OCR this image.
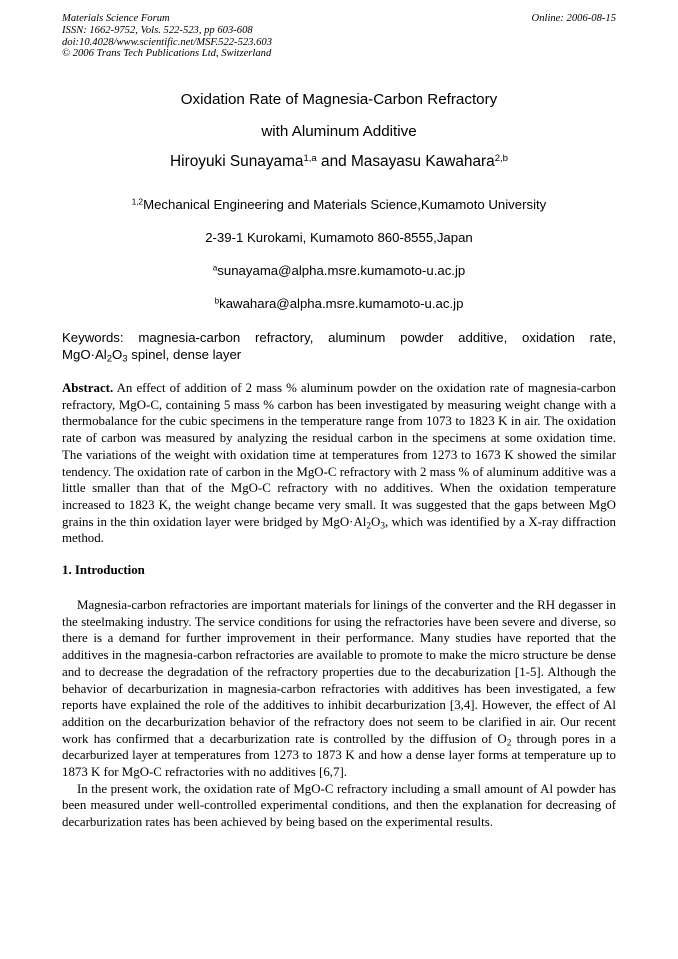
Materials Science Forum
ISSN: 1662-9752, Vols. 522-523, pp 603-608
doi:10.4028/www.scientific.net/MSF.522-523.603
© 2006 Trans Tech Publications Ltd, Switzerland
Online: 2006-08-15
Oxidation Rate of Magnesia-Carbon Refractory
with Aluminum Additive
Hiroyuki Sunayama$^{1,a}$ and Masayasu Kawahara$^{2,b}$
$^{1,2}$Mechanical Engineering and Materials Science,Kumamoto University
2-39-1 Kurokami, Kumamoto 860-8555,Japan
$^a$sunayama@alpha.msre.kumamoto-u.ac.jp
$^b$kawahara@alpha.msre.kumamoto-u.ac.jp
Keywords: magnesia-carbon refractory, aluminum powder additive, oxidation rate,
$MgO\cdot Al_2O_3$ spinel, dense layer
Abstract. An effect of addition of 2 mass % aluminum powder on the oxidation rate of magnesia-carbon refractory, MgO-C, containing 5 mass % carbon has been investigated by measuring weight change with a thermobalance for the cubic specimens in the temperature range from 1073 to 1823 K in air. The oxidation rate of carbon was measured by analyzing the residual carbon in the specimens at some oxidation time. The variations of the weight with oxidation time at temperatures from 1273 to 1673 K showed the similar tendency. The oxidation rate of carbon in the MgO-C refractory with 2 mass % of aluminum additive was a little smaller than that of the MgO-C refractory with no additives. When the oxidation temperature increased to 1823 K, the weight change became very small. It was suggested that the gaps between MgO grains in the thin oxidation layer were bridged by $MgO\cdot Al_2O_3$, which was identified by a X-ray diffraction method.
1. Introduction

Magnesia-carbon refractories are important materials for linings of the converter and the RH degasser in the steelmaking industry. The service conditions for using the refractories have been severe and diverse, so there is a demand for further improvement in their performance. Many studies have reported that the additives in the magnesia-carbon refractories are available to promote to make the micro structure be dense and to decrease the degradation of the refractory properties due to the decaburization [1-5]. Although the behavior of decarburization in magnesia-carbon refractories with additives has been investigated, a few reports have explained the role of the additives to inhibit decarburization [3,4]. However, the effect of Al addition on the decarburization behavior of the refractory does not seem to be clarified in air. Our recent work has confirmed that a decarburization rate is controlled by the diffusion of $O_2$ through pores in a decarburized layer at temperatures from 1273 to 1873 K and how a dense layer forms at temperature up to 1873 K for MgO-C refractories with no additives [6,7].

In the present work, the oxidation rate of MgO-C refractory including a small amount of Al powder has been measured under well-controlled experimental conditions, and then the explanation for decreasing of decarburization rates has been achieved by being based on the experimental results.
